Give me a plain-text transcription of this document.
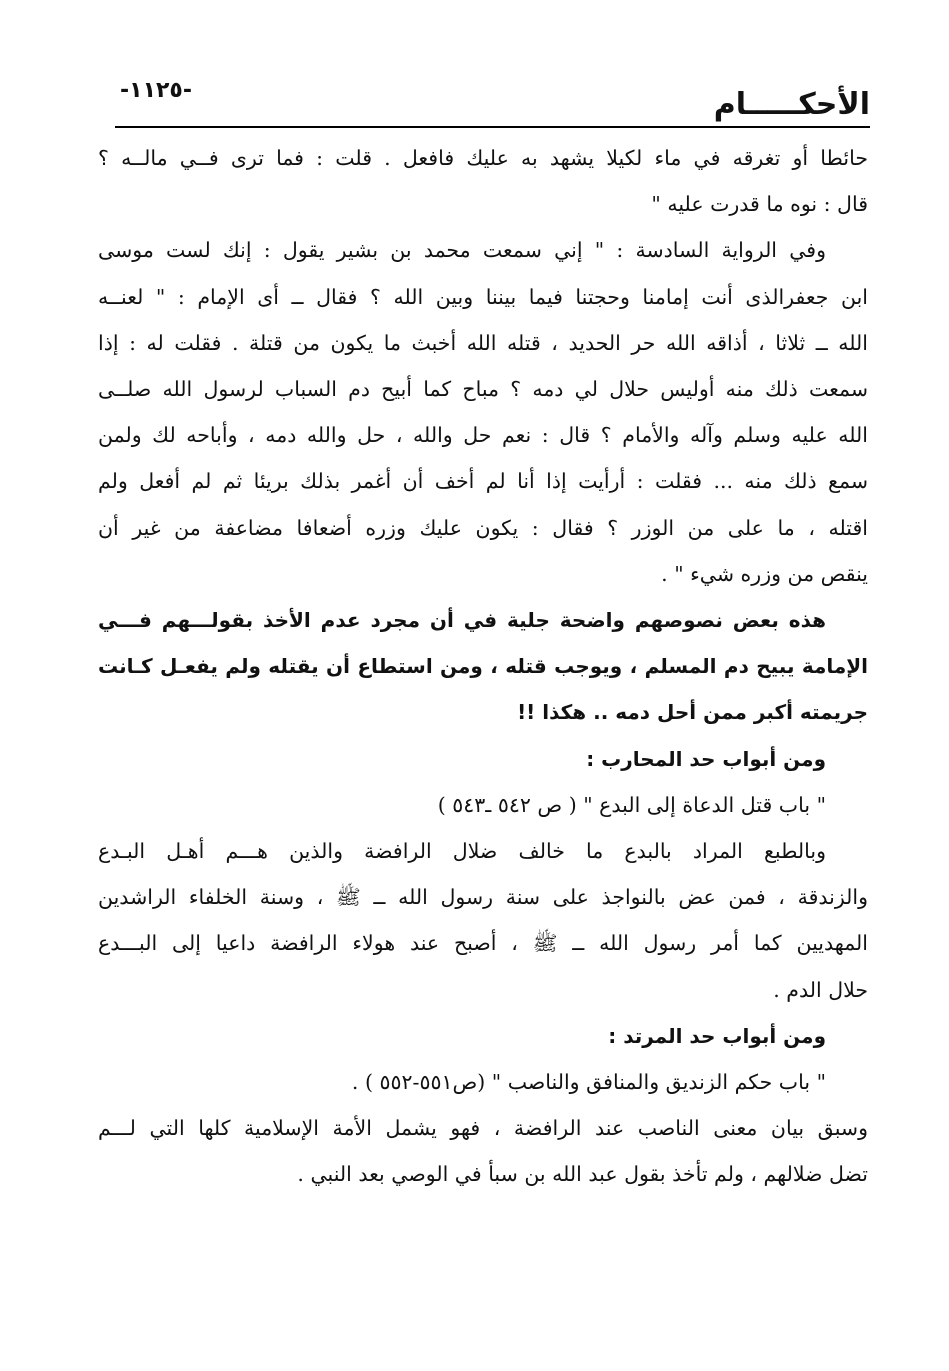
الأحكـــــام
-١١٢٥-
حائطا أو تغرقه في ماء لكيلا يشهد به عليك فافعل . قلت : فما ترى فــي مالــه ؟
قال : نوه ما قدرت عليه "
وفي الرواية السادسة : " إني سمعت محمد بن بشير يقول : إنك لست موسى
ابن جعفرالذى أنت إمامنا وحجتنا فيما بيننا وبين الله ؟ فقال ــ أى الإمام : " لعنــه
الله ــ ثلاثا ، أذاقه الله حر الحديد ، قتله الله أخبث ما يكون من قتلة . فقلت له : إذا
سمعت ذلك منه أوليس حلال لي دمه ؟ مباح كما أبيح دم السباب لرسول الله صلــى
الله عليه وسلم وآله والأمام ؟ قال : نعم حل والله ، حل والله دمه ، وأباحه لك ولمن
سمع ذلك منه ... فقلت : أرأيت إذا أنا لم أخف أن أغمر بذلك بريئا ثم لم أفعل ولم
اقتله ، ما على من الوزر ؟ فقال : يكون عليك وزره أضعافا مضاعفة من غير أن
ينقص من وزره شيء " .
هذه بعض نصوصهم واضحة جلية في أن مجرد عدم الأخذ بقولـــهم فـــي
الإمامة يبيح دم المسلم ، ويوجب قتله ، ومن استطاع أن يقتله ولم يفعـل كـانت
جريمته أكبر ممن أحل دمه .. هكذا !!
ومن أبواب حد المحارب :
" باب قتل الدعاة إلى البدع " ( ص ٥٤٢ ـ٥٤٣ )
وبالطبع المراد بالبدع ما خالف ضلال الرافضة والذين هـــم أهـل البـدع
والزندقة ، فمن عض بالنواجذ على سنة رسول الله ــ ﷺ ، وسنة الخلفاء الراشدين
المهديين كما أمر رسول الله ــ ﷺ ، أصبح عند هولاء الرافضة داعيا إلى البـــدع
حلال الدم .
ومن أبواب حد المرتد :
" باب حكم الزنديق والمنافق والناصب " (ص٥٥١-٥٥٢ ) .
وسبق بيان معنى الناصب عند الرافضة ، فهو يشمل الأمة الإسلامية كلها التي لـــم
تضل ضلالهم ، ولم تأخذ بقول عبد الله بن سبأ في الوصي بعد النبي .
